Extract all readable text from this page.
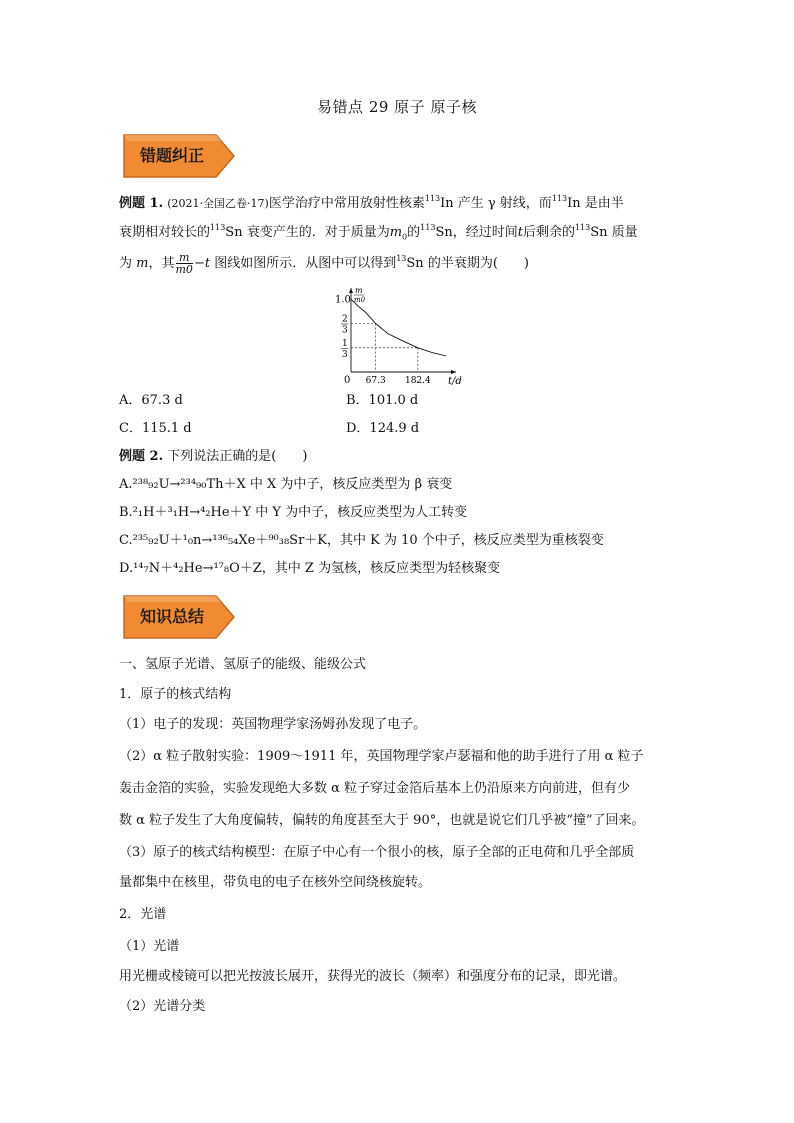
易错点 29 原子 原子核
错题纠正
例题 1. (2021·全国乙卷·17)医学治疗中常用放射性核素$^{113}$In 产生 γ 射线，而$^{113}$In 是由半
衰期相对较长的$^{113}$Sn 衰变产生的．对于质量为$m_0$的$^{113}$Sn，经过时间t后剩余的$^{113}$Sn 质量
为 m，其 $\frac{m}{m0} -t$ 图线如图所示．从图中可以得到$^{13}$Sn 的半衰期为(　　)
1.0
2
3
1
3
0 67.3 182.4 t/d
m
m0
A．67.3 d	B．101.0 d
C．115.1 d	D．124.9 d
例题 2. 下列说法正确的是(　　)
A.²³⁸₉₂U→²³⁴₉₀Th＋X 中 X 为中子，核反应类型为 β 衰变
B.²₁H＋³₁H→⁴₂He＋Y 中 Y 为中子，核反应类型为人工转变
C.²³⁵₉₂U＋¹₀n→¹³⁶₅₄Xe＋⁹⁰₃₈Sr＋K，其中 K 为 10 个中子，核反应类型为重核裂变
D.¹⁴₇N＋⁴₂He→¹⁷₈O＋Z，其中 Z 为氢核，核反应类型为轻核聚变
知识总结
一、氢原子光谱、氢原子的能级、能级公式
1．原子的核式结构
（1）电子的发现：英国物理学家汤姆孙发现了电子。
（2）α 粒子散射实验：1909～1911 年，英国物理学家卢瑟福和他的助手进行了用 α 粒子
轰击金箔的实验，实验发现绝大多数 α 粒子穿过金箔后基本上仍沿原来方向前进，但有少
数 α 粒子发生了大角度偏转，偏转的角度甚至大于 90°，也就是说它们几乎被“撞”了回来。
（3）原子的核式结构模型：在原子中心有一个很小的核，原子全部的正电荷和几乎全部质
量都集中在核里，带负电的电子在核外空间绕核旋转。
2．光谱
（1）光谱
用光栅或棱镜可以把光按波长展开，获得光的波长（频率）和强度分布的记录，即光谱。
（2）光谱分类
